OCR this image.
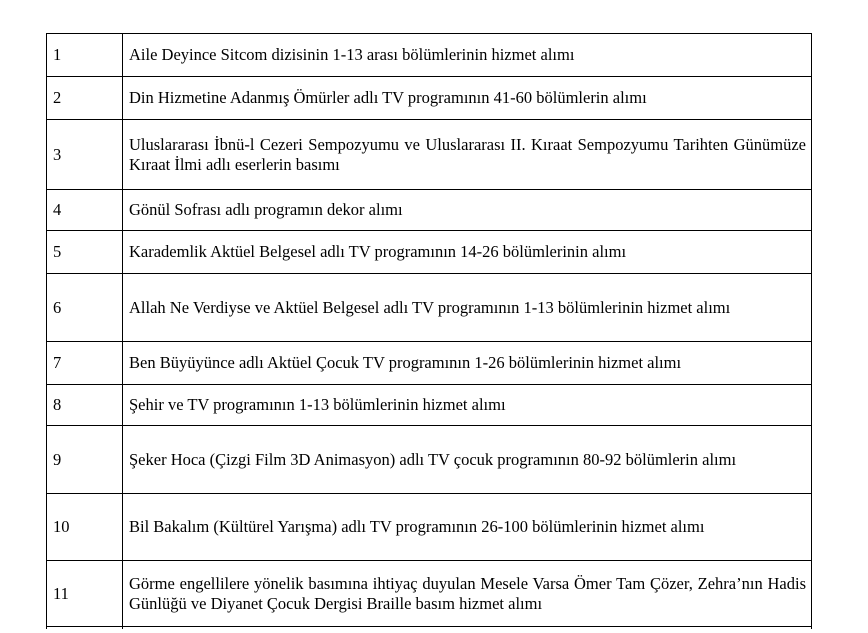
1	Aile Deyince Sitcom dizisinin 1-13 arası bölümlerinin hizmet alımı
2	Din Hizmetine Adanmış Ömürler adlı TV programının 41-60 bölümlerin alımı
3	Uluslararası İbnü-l Cezeri Sempozyumu ve Uluslararası II. Kıraat Sempozyumu Tarihten Günümüze Kıraat İlmi adlı eserlerin basımı
4	Gönül Sofrası adlı programın dekor alımı
5	Karademlik Aktüel Belgesel adlı TV programının 14-26 bölümlerinin alımı
6	Allah Ne Verdiyse ve Aktüel Belgesel adlı TV programının 1-13 bölümlerinin hizmet alımı
7	Ben Büyüyünce adlı Aktüel Çocuk TV programının 1-26 bölümlerinin hizmet alımı
8	Şehir ve TV programının 1-13 bölümlerinin hizmet alımı
9	Şeker Hoca (Çizgi Film 3D Animasyon) adlı TV çocuk programının 80-92 bölümlerin alımı
10	Bil Bakalım (Kültürel Yarışma) adlı TV programının 26-100 bölümlerinin hizmet alımı
11	Görme engellilere yönelik basımına ihtiyaç duyulan Mesele Varsa Ömer Tam Çözer, Zehra’nın Hadis Günlüğü ve Diyanet Çocuk Dergisi Braille basım hizmet alımı
